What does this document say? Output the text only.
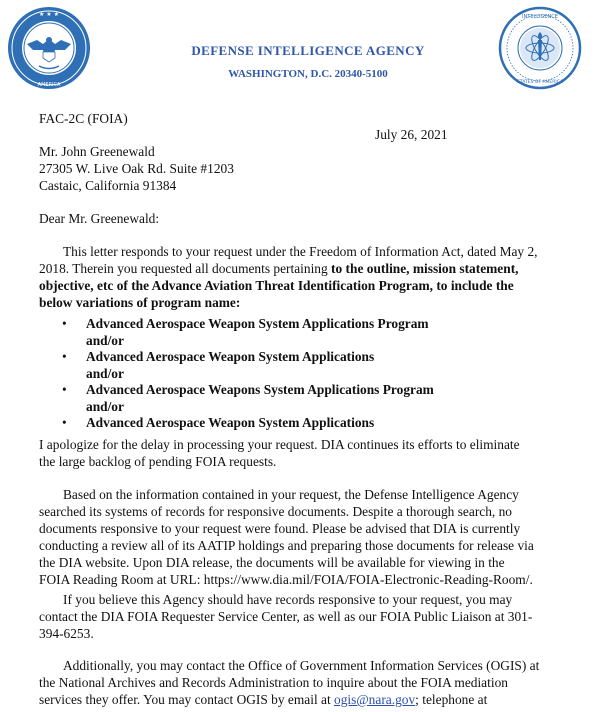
★ ★ ★
AMERICA
INTELLIGENCE
STATES OF AMERICA
DEFENSE INTELLIGENCE AGENCY
WASHINGTON, D.C. 20340-5100
FAC-2C (FOIA)
July 26, 2021
Mr. John Greenewald
27305 W. Live Oak Rd. Suite #1203
Castaic, California 91384
Dear Mr. Greenewald:
This letter responds to your request under the Freedom of Information Act, dated May 2,
2018. Therein you requested all documents pertaining to the outline, mission statement,
objective, etc of the Advance Aviation Threat Identification Program, to include the
below variations of program name:
• Advanced Aerospace Weapon System Applications Program
and/or
• Advanced Aerospace Weapon System Applications
and/or
• Advanced Aerospace Weapons System Applications Program
and/or
• Advanced Aerospace Weapon System Applications
I apologize for the delay in processing your request. DIA continues its efforts to eliminate
the large backlog of pending FOIA requests.
Based on the information contained in your request, the Defense Intelligence Agency
searched its systems of records for responsive documents. Despite a thorough search, no
documents responsive to your request were found. Please be advised that DIA is currently
conducting a review all of its AATIP holdings and preparing those documents for release via
the DIA website. Upon DIA release, the documents will be available for viewing in the
FOIA Reading Room at URL: https://www.dia.mil/FOIA/FOIA-Electronic-Reading-Room/.
If you believe this Agency should have records responsive to your request, you may
contact the DIA FOIA Requester Service Center, as well as our FOIA Public Liaison at 301-
394-6253.
Additionally, you may contact the Office of Government Information Services (OGIS) at
the National Archives and Records Administration to inquire about the FOIA mediation
services they offer. You may contact OGIS by email at ogis@nara.gov; telephone at
